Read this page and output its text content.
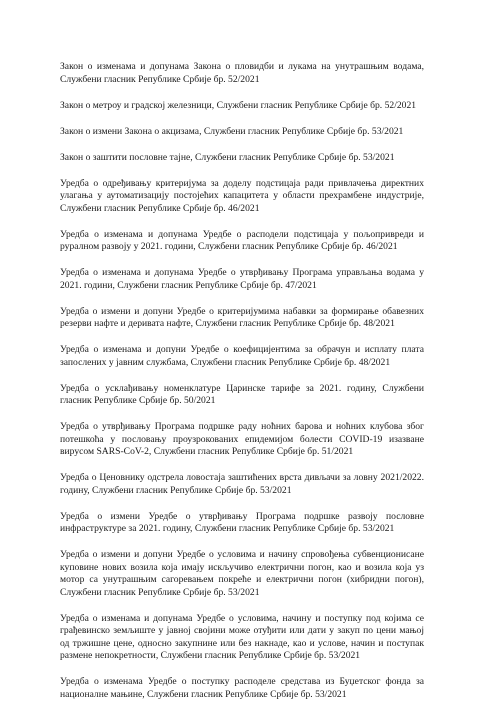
Закон о изменама и допунама Закона о пловидби и лукама на унутрашњим водама, Службени гласник Републике Србије бр. 52/2021

Закон о метроу и градској железници, Службени гласник Републике Србије бр. 52/2021

Закон о измени Закона о акцизама, Службени гласник Републике Србије бр. 53/2021

Закон о заштити пословне тајне, Службени гласник Републике Србије бр. 53/2021

Уредба о одређивању критеријума за доделу подстицаја ради привлачења директних улагања у аутоматизацију постојећих капацитета у области прехрамбене индустрије, Службени гласник Републике Србије бр. 46/2021

Уредба о изменама и допунама Уредбе о расподели подстицаја у пољопривреди и руралном развоју у 2021. години, Службени гласник Републике Србије бр. 46/2021

Уредба о изменама и допунама Уредбе о утврђивању Програма управљања водама у 2021. години, Службени гласник Републике Србије бр. 47/2021

Уредба о измени и допуни Уредбе о критеријумима набавки за формирање обавезних резерви нафте и деривата нафте, Службени гласник Републике Србије бр. 48/2021

Уредба о изменама и допуни Уредбе о коефицијентима за обрачун и исплату плата запослених у јавним службама, Службени гласник Републике Србије бр. 48/2021

Уредба о усклађивању номенклатуре Царинске тарифе за 2021. годину, Службени гласник Републике Србије бр. 50/2021

Уредба о утврђивању Програма подршке раду ноћних барова и ноћних клубова због потешкоћа у пословању проузрокованих епидемијом болести COVID-19 изазване вирусом SARS-CoV-2, Службени гласник Републике Србије бр. 51/2021

Уредба о Ценовнику одстрела ловостаја заштићених врста дивљачи за ловну 2021/2022. годину, Службени гласник Републике Србије бр. 53/2021

Уредба о измени Уредбе о утврђивању Програма подршке развоју пословне инфраструктуре за 2021. годину, Службени гласник Републике Србије бр. 53/2021

Уредба о измени и допуни Уредбе о условима и начину спровођења субвенционисане куповине нових возила која имају искључиво електрични погон, као и возила која уз мотор са унутрашњим сагоревањем покреће и електрични погон (хибридни погон), Службени гласник Републике Србије бр. 53/2021

Уредба о изменама и допунама Уредбе о условима, начину и поступку под којима се грађевинско земљиште у јавној својини може отуђити или дати у закуп по цени мањој од тржишне цене, односно закупнине или без накнаде, као и услове, начин и поступак размене непокретности, Службени гласник Републике Србије бр. 53/2021

Уредба о изменама Уредбе о поступку расподеле средстава из Буџетског фонда за националне мањине, Службени гласник Републике Србије бр. 53/2021
